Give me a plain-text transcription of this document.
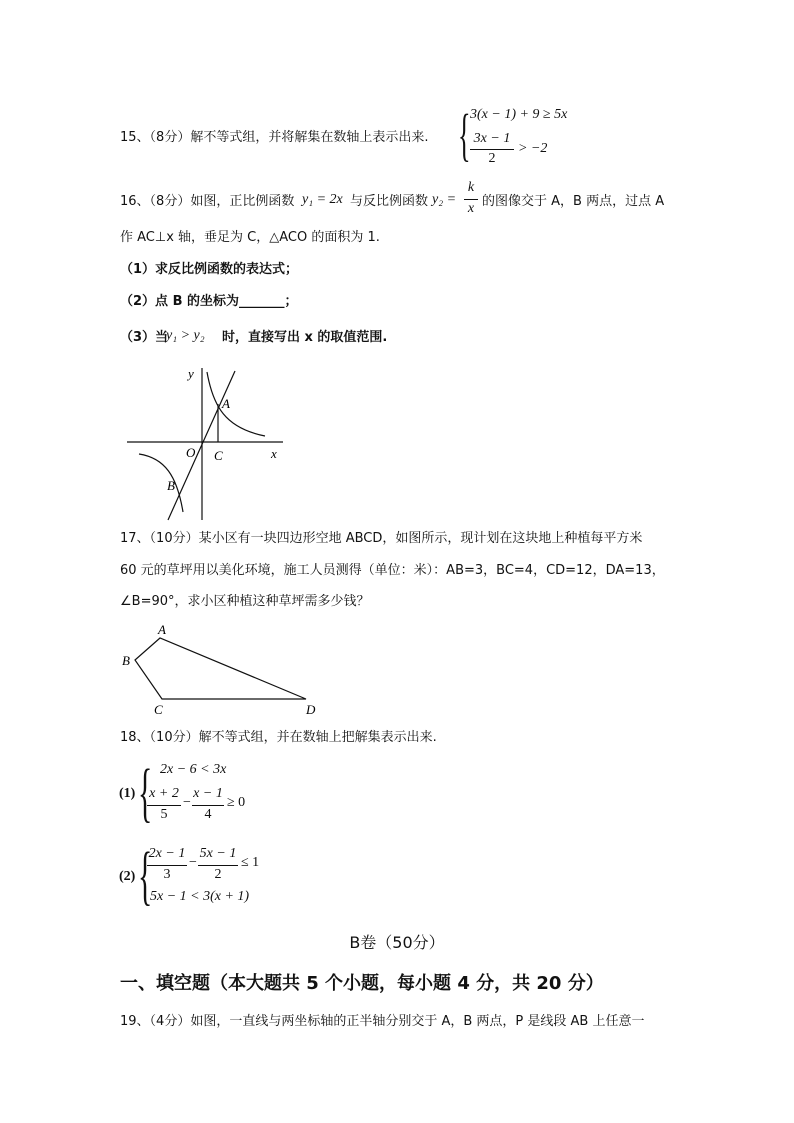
15、（8分）解不等式组，并将解集在数轴上表示出来. { 3(x − 1) + 9 ≥ 5x
3x − 1
2
> −2
16、（8分）如图，正比例函数 y₁ = 2x 与反比例函数 y₂ =
k
x 的图像交于 A，B 两点，过点 A
作 AC⊥x 轴，垂足为 C，△ACO 的面积为 1.
（1）求反比例函数的表达式；
（2）点 B 的坐标为_______；
（3）当
y₁ > y₂ 时，直接写出 x 的取值范围.
y
x
O
A
B
C
17、（10分）某小区有一块四边形空地 ABCD，如图所示，现计划在这块地上种植每平方米
60 元的草坪用以美化环境，施工人员测得（单位：米）：AB=3，BC=4，CD=12，DA=13，
∠B=90°，求小区种植这种草坪需多少钱？
A
B
C	D
18、（10分）解不等式组，并在数轴上把解集表示出来.
(1) { 2x − 6 < 3x
x + 2
5
−
x − 1
4
≥ 0
(2) {
2x − 1
3
−
5x − 1
2
≤ 1
5x − 1 < 3(x + 1)
B卷（50分）
一、填空题（本大题共 5 个小题，每小题 4 分，共 20 分）
19、（4分）如图，一直线与两坐标轴的正半轴分别交于 A，B 两点，P 是线段 AB 上任意一
